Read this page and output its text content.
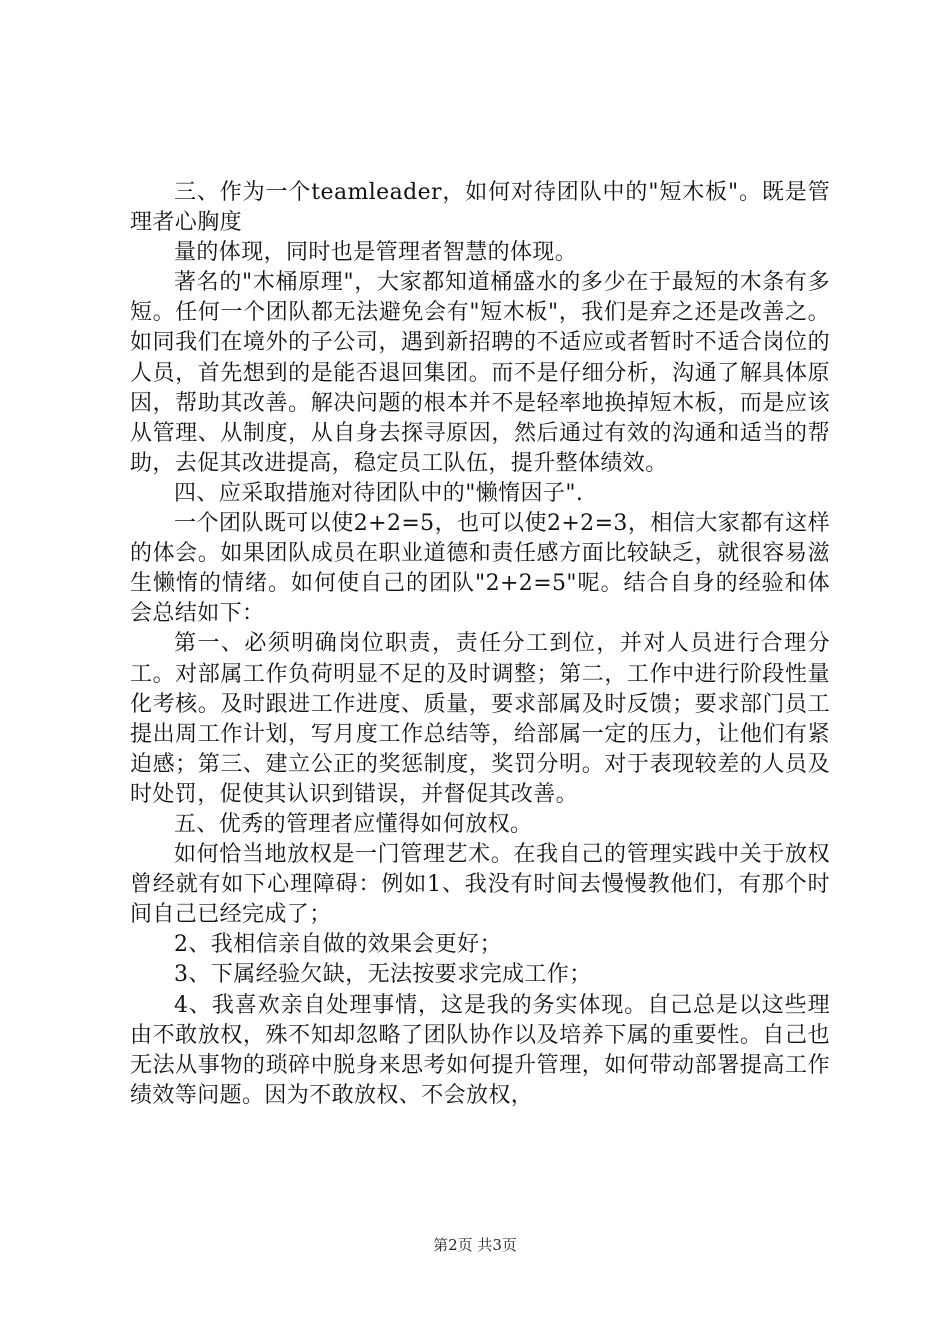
三、作为一个teamleader，如何对待团队中的"短木板"。既是管理者心胸度

量的体现，同时也是管理者智慧的体现。

著名的"木桶原理"，大家都知道桶盛水的多少在于最短的木条有多短。任何一个团队都无法避免会有"短木板"，我们是弃之还是改善之。如同我们在境外的子公司，遇到新招聘的不适应或者暂时不适合岗位的人员，首先想到的是能否退回集团。而不是仔细分析，沟通了解具体原因，帮助其改善。解决问题的根本并不是轻率地换掉短木板，而是应该从管理、从制度，从自身去探寻原因，然后通过有效的沟通和适当的帮助，去促其改进提高，稳定员工队伍，提升整体绩效。

四、应采取措施对待团队中的"懒惰因子".

一个团队既可以使2+2=5，也可以使2+2=3，相信大家都有这样的体会。如果团队成员在职业道德和责任感方面比较缺乏，就很容易滋生懒惰的情绪。如何使自己的团队"2+2=5"呢。结合自身的经验和体会总结如下：

第一、必须明确岗位职责，责任分工到位，并对人员进行合理分工。对部属工作负荷明显不足的及时调整；第二，工作中进行阶段性量化考核。及时跟进工作进度、质量，要求部属及时反馈；要求部门员工提出周工作计划，写月度工作总结等，给部属一定的压力，让他们有紧迫感；第三、建立公正的奖惩制度，奖罚分明。对于表现较差的人员及时处罚，促使其认识到错误，并督促其改善。

五、优秀的管理者应懂得如何放权。

如何恰当地放权是一门管理艺术。在我自己的管理实践中关于放权曾经就有如下心理障碍：例如1、我没有时间去慢慢教他们，有那个时间自己已经完成了；

2、我相信亲自做的效果会更好；

3、下属经验欠缺，无法按要求完成工作；

4、我喜欢亲自处理事情，这是我的务实体现。自己总是以这些理由不敢放权，殊不知却忽略了团队协作以及培养下属的重要性。自己也无法从事物的琐碎中脱身来思考如何提升管理，如何带动部署提高工作绩效等问题。因为不敢放权、不会放权，

第2页 共3页
